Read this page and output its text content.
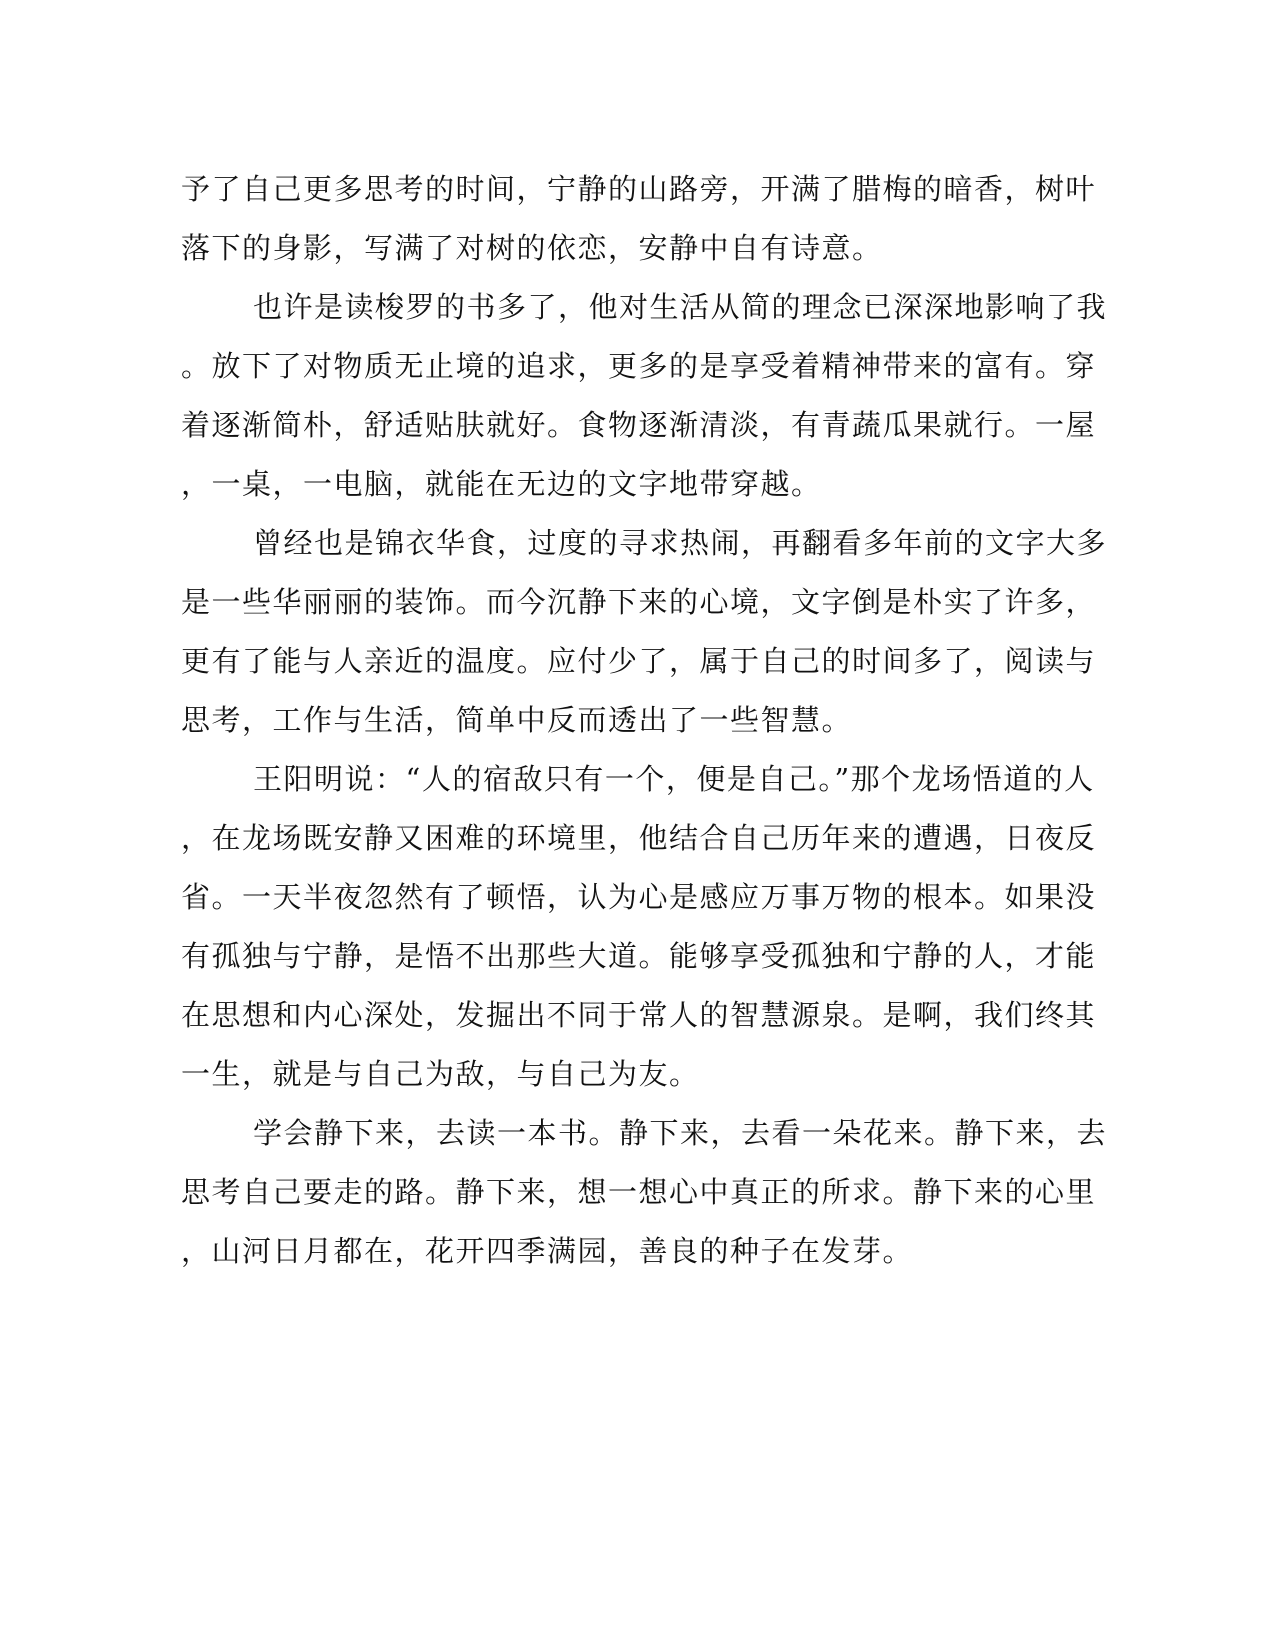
予了自己更多思考的时间，宁静的山路旁，开满了腊梅的暗香，树叶
落下的身影，写满了对树的依恋，安静中自有诗意。
也许是读梭罗的书多了，他对生活从简的理念已深深地影响了我
。放下了对物质无止境的追求，更多的是享受着精神带来的富有。穿
着逐渐简朴，舒适贴肤就好。食物逐渐清淡，有青蔬瓜果就行。一屋
，一桌，一电脑，就能在无边的文字地带穿越。
曾经也是锦衣华食，过度的寻求热闹，再翻看多年前的文字大多
是一些华丽丽的装饰。而今沉静下来的心境，文字倒是朴实了许多，
更有了能与人亲近的温度。应付少了，属于自己的时间多了，阅读与
思考，工作与生活，简单中反而透出了一些智慧。
王阳明说：“人的宿敌只有一个，便是自己。”那个龙场悟道的人
，在龙场既安静又困难的环境里，他结合自己历年来的遭遇，日夜反
省。一天半夜忽然有了顿悟，认为心是感应万事万物的根本。如果没
有孤独与宁静，是悟不出那些大道。能够享受孤独和宁静的人，才能
在思想和内心深处，发掘出不同于常人的智慧源泉。是啊，我们终其
一生，就是与自己为敌，与自己为友。
学会静下来，去读一本书。静下来，去看一朵花来。静下来，去
思考自己要走的路。静下来，想一想心中真正的所求。静下来的心里
，山河日月都在，花开四季满园，善良的种子在发芽。
